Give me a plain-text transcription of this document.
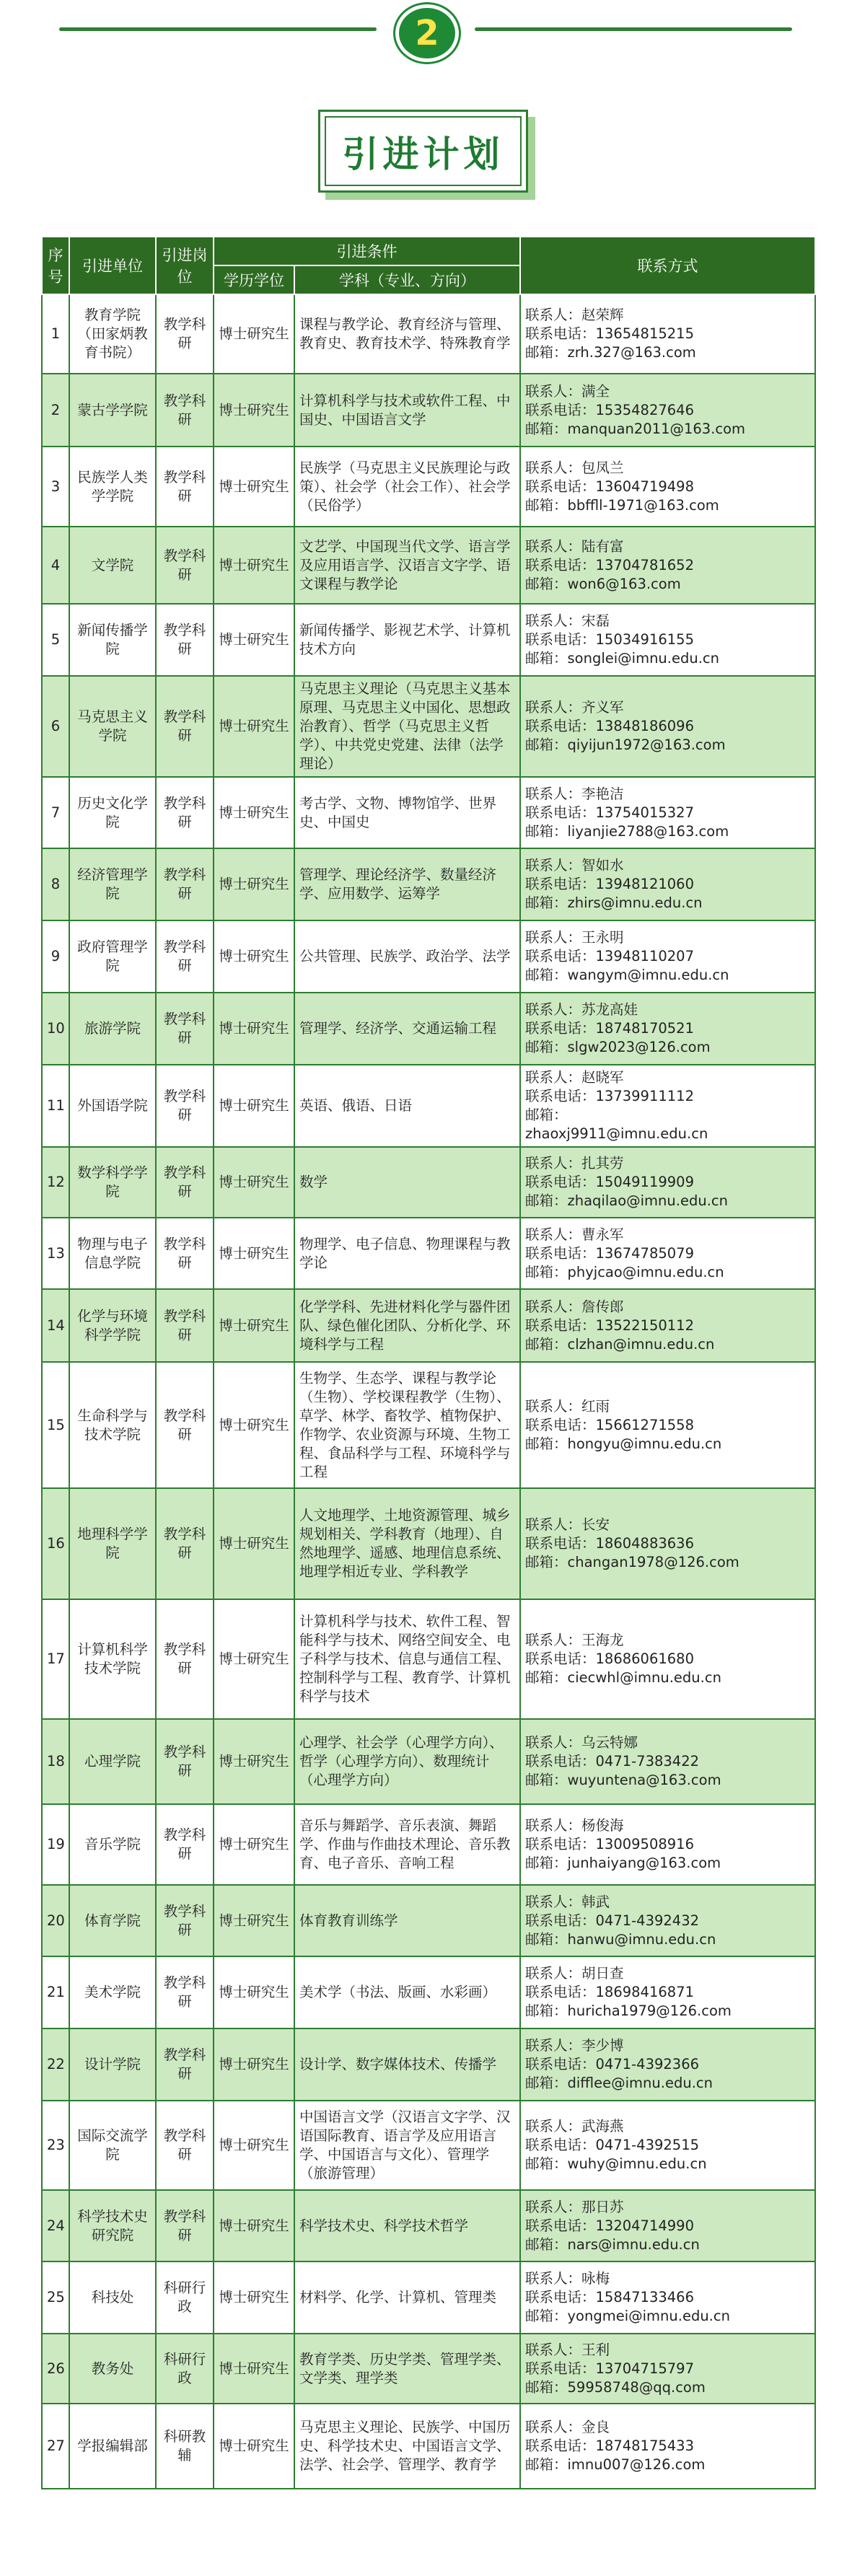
2
引进计划
序号	引进单位	引进岗位	引进条件		联系方式
			学历学位	学科（专业、方向）	
1	教育学院（田家炳教育书院）	教学科研	博士研究生	课程与教学论、教育经济与管理、教育史、教育技术学、特殊教育学	联系人：赵荣辉
联系电话：13654815215
邮箱：zrh.327@163.com

2	蒙古学学院	教学科研	博士研究生	计算机科学与技术或软件工程、中国史、中国语言文学	联系人：满全
联系电话：15354827646
邮箱：manquan2011@163.com

3	民族学人类学学院	教学科研	博士研究生	民族学（马克思主义民族理论与政策）、社会学（社会工作）、社会学（民俗学）	联系人：包凤兰
联系电话：13604719498
邮箱：bbffll-1971@163.com

4	文学院	教学科研	博士研究生	文艺学、中国现当代文学、语言学及应用语言学、汉语言文字学、语文课程与教学论	联系人：陆有富
联系电话：13704781652
邮箱：won6@163.com

5	新闻传播学院	教学科研	博士研究生	新闻传播学、影视艺术学、计算机技术方向	联系人：宋磊
联系电话：15034916155
邮箱：songlei@imnu.edu.cn

6	马克思主义学院	教学科研	博士研究生	马克思主义理论（马克思主义基本原理、马克思主义中国化、思想政治教育）、哲学（马克思主义哲学）、中共党史党建、法律（法学理论）	联系人：齐义军
联系电话：13848186096
邮箱：qiyijun1972@163.com

7	历史文化学院	教学科研	博士研究生	考古学、文物、博物馆学、世界史、中国史	联系人：李艳洁
联系电话：13754015327
邮箱：liyanjie2788@163.com

8	经济管理学院	教学科研	博士研究生	管理学、理论经济学、数量经济学、应用数学、运筹学	联系人：智如水
联系电话：13948121060
邮箱：zhirs@imnu.edu.cn

9	政府管理学院	教学科研	博士研究生	公共管理、民族学、政治学、法学	联系人：王永明
联系电话：13948110207
邮箱：wangym@imnu.edu.cn

10	旅游学院	教学科研	博士研究生	管理学、经济学、交通运输工程	联系人：苏龙高娃
联系电话：18748170521
邮箱：slgw2023@126.com

11	外国语学院	教学科研	博士研究生	英语、俄语、日语	联系人：赵晓军
联系电话：13739911112
邮箱：
zhaoxj9911@imnu.edu.cn

12	数学科学学院	教学科研	博士研究生	数学	联系人：扎其劳
联系电话：15049119909
邮箱：zhaqilao@imnu.edu.cn

13	物理与电子信息学院	教学科研	博士研究生	物理学、电子信息、物理课程与教学论	联系人：曹永军
联系电话：13674785079
邮箱：phyjcao@imnu.edu.cn

14	化学与环境科学学院	教学科研	博士研究生	化学学科、先进材料化学与器件团队、绿色催化团队、分析化学、环境科学与工程	联系人：詹传郎
联系电话：13522150112
邮箱：clzhan@imnu.edu.cn

15	生命科学与技术学院	教学科研	博士研究生	生物学、生态学、课程与教学论（生物）、学校课程教学（生物）、草学、林学、畜牧学、植物保护、作物学、农业资源与环境、生物工程、食品科学与工程、环境科学与工程	联系人：红雨
联系电话：15661271558
邮箱：hongyu@imnu.edu.cn

16	地理科学学院	教学科研	博士研究生	人文地理学、土地资源管理、城乡规划相关、学科教育（地理）、自然地理学、遥感、地理信息系统、地理学相近专业、学科教学	联系人：长安
联系电话：18604883636
邮箱：changan1978@126.com

17	计算机科学技术学院	教学科研	博士研究生	计算机科学与技术、软件工程、智能科学与技术、网络空间安全、电子科学与技术、信息与通信工程、控制科学与工程、教育学、计算机科学与技术	联系人：王海龙
联系电话：18686061680
邮箱：ciecwhl@imnu.edu.cn

18	心理学院	教学科研	博士研究生	心理学、社会学（心理学方向）、哲学（心理学方向）、数理统计（心理学方向）	联系人：乌云特娜
联系电话：0471-7383422
邮箱：wuyuntena@163.com

19	音乐学院	教学科研	博士研究生	音乐与舞蹈学、音乐表演、舞蹈学、作曲与作曲技术理论、音乐教育、电子音乐、音响工程	联系人：杨俊海
联系电话：13009508916
邮箱：junhaiyang@163.com

20	体育学院	教学科研	博士研究生	体育教育训练学	联系人：韩武
联系电话：0471-4392432
邮箱：hanwu@imnu.edu.cn

21	美术学院	教学科研	博士研究生	美术学（书法、版画、水彩画）	联系人：胡日查
联系电话：18698416871
邮箱：huricha1979@126.com

22	设计学院	教学科研	博士研究生	设计学、数字媒体技术、传播学	联系人：李少博
联系电话：0471-4392366
邮箱：difflee@imnu.edu.cn

23	国际交流学院	教学科研	博士研究生	中国语言文学（汉语言文字学、汉语国际教育、语言学及应用语言学、中国语言与文化）、管理学（旅游管理）	联系人：武海燕
联系电话：0471-4392515
邮箱：wuhy@imnu.edu.cn

24	科学技术史研究院	教学科研	博士研究生	科学技术史、科学技术哲学	联系人：那日苏
联系电话：13204714990
邮箱：nars@imnu.edu.cn

25	科技处	科研行政	博士研究生	材料学、化学、计算机、管理类	联系人：咏梅
联系电话：15847133466
邮箱：yongmei@imnu.edu.cn

26	教务处	科研行政	博士研究生	教育学类、历史学类、管理学类、文学类、理学类	联系人：王利
联系电话：13704715797
邮箱：59958748@qq.com

27	学报编辑部	科研教辅	博士研究生	马克思主义理论、民族学、中国历史、科学技术史、中国语言文学、法学、社会学、管理学、教育学	联系人：金良
联系电话：18748175433
邮箱：imnu007@126.com
